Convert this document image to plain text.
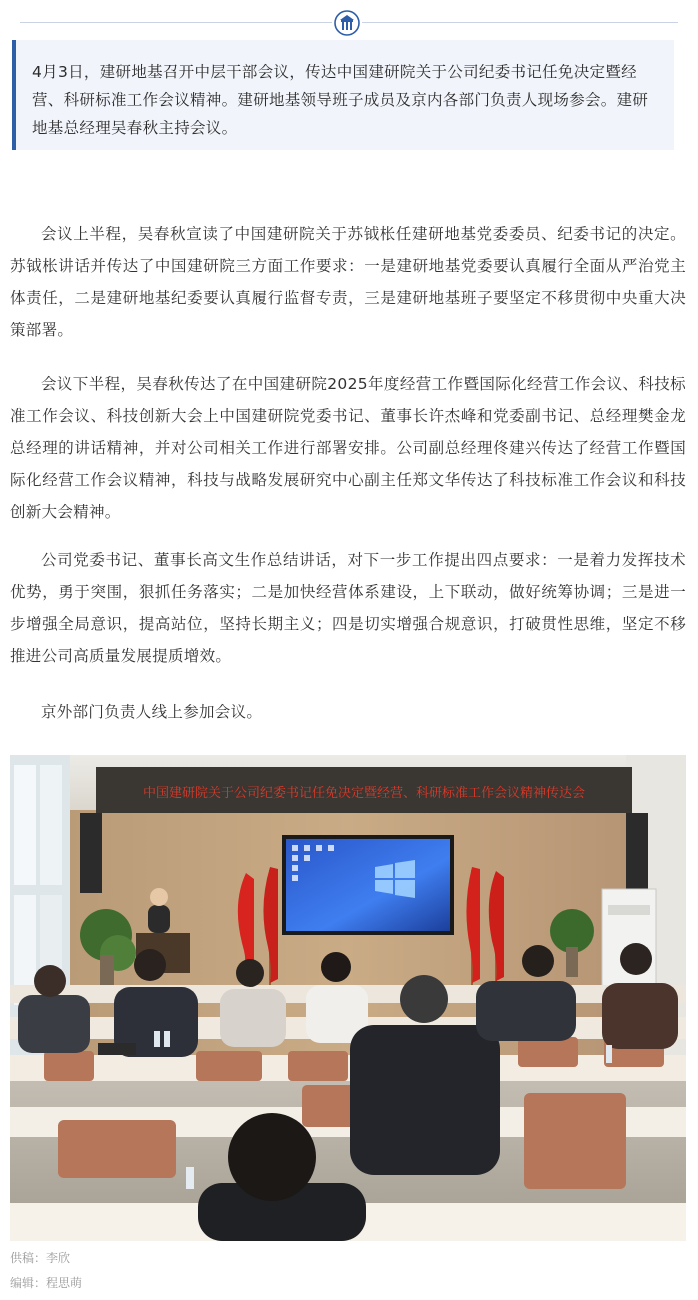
4月3日，建研地基召开中层干部会议，传达中国建研院关于公司纪委书记任免决定暨经营、科研标准工作会议精神。建研地基领导班子成员及京内各部门负责人现场参会。建研地基总经理吴春秋主持会议。

会议上半程，吴春秋宣读了中国建研院关于苏钺枨任建研地基党委委员、纪委书记的决定。苏钺枨讲话并传达了中国建研院三方面工作要求：一是建研地基党委要认真履行全面从严治党主体责任，二是建研地基纪委要认真履行监督专责，三是建研地基班子要坚定不移贯彻中央重大决策部署。

会议下半程，吴春秋传达了在中国建研院2025年度经营工作暨国际化经营工作会议、科技标准工作会议、科技创新大会上中国建研院党委书记、董事长许杰峰和党委副书记、总经理樊金龙总经理的讲话精神，并对公司相关工作进行部署安排。公司副总经理佟建兴传达了经营工作暨国际化经营工作会议精神，科技与战略发展研究中心副主任郑文华传达了科技标准工作会议和科技创新大会精神。

公司党委书记、董事长高文生作总结讲话，对下一步工作提出四点要求：一是着力发挥技术优势，勇于突围，狠抓任务落实；二是加快经营体系建设，上下联动，做好统筹协调；三是进一步增强全局意识，提高站位，坚持长期主义；四是切实增强合规意识，打破贯性思维，坚定不移推进公司高质量发展提质增效。

京外部门负责人线上参加会议。

中国建研院关于公司纪委书记任免决定暨经营、科研标准工作会议精神传达会
供稿：李欣
编辑：程思萌
